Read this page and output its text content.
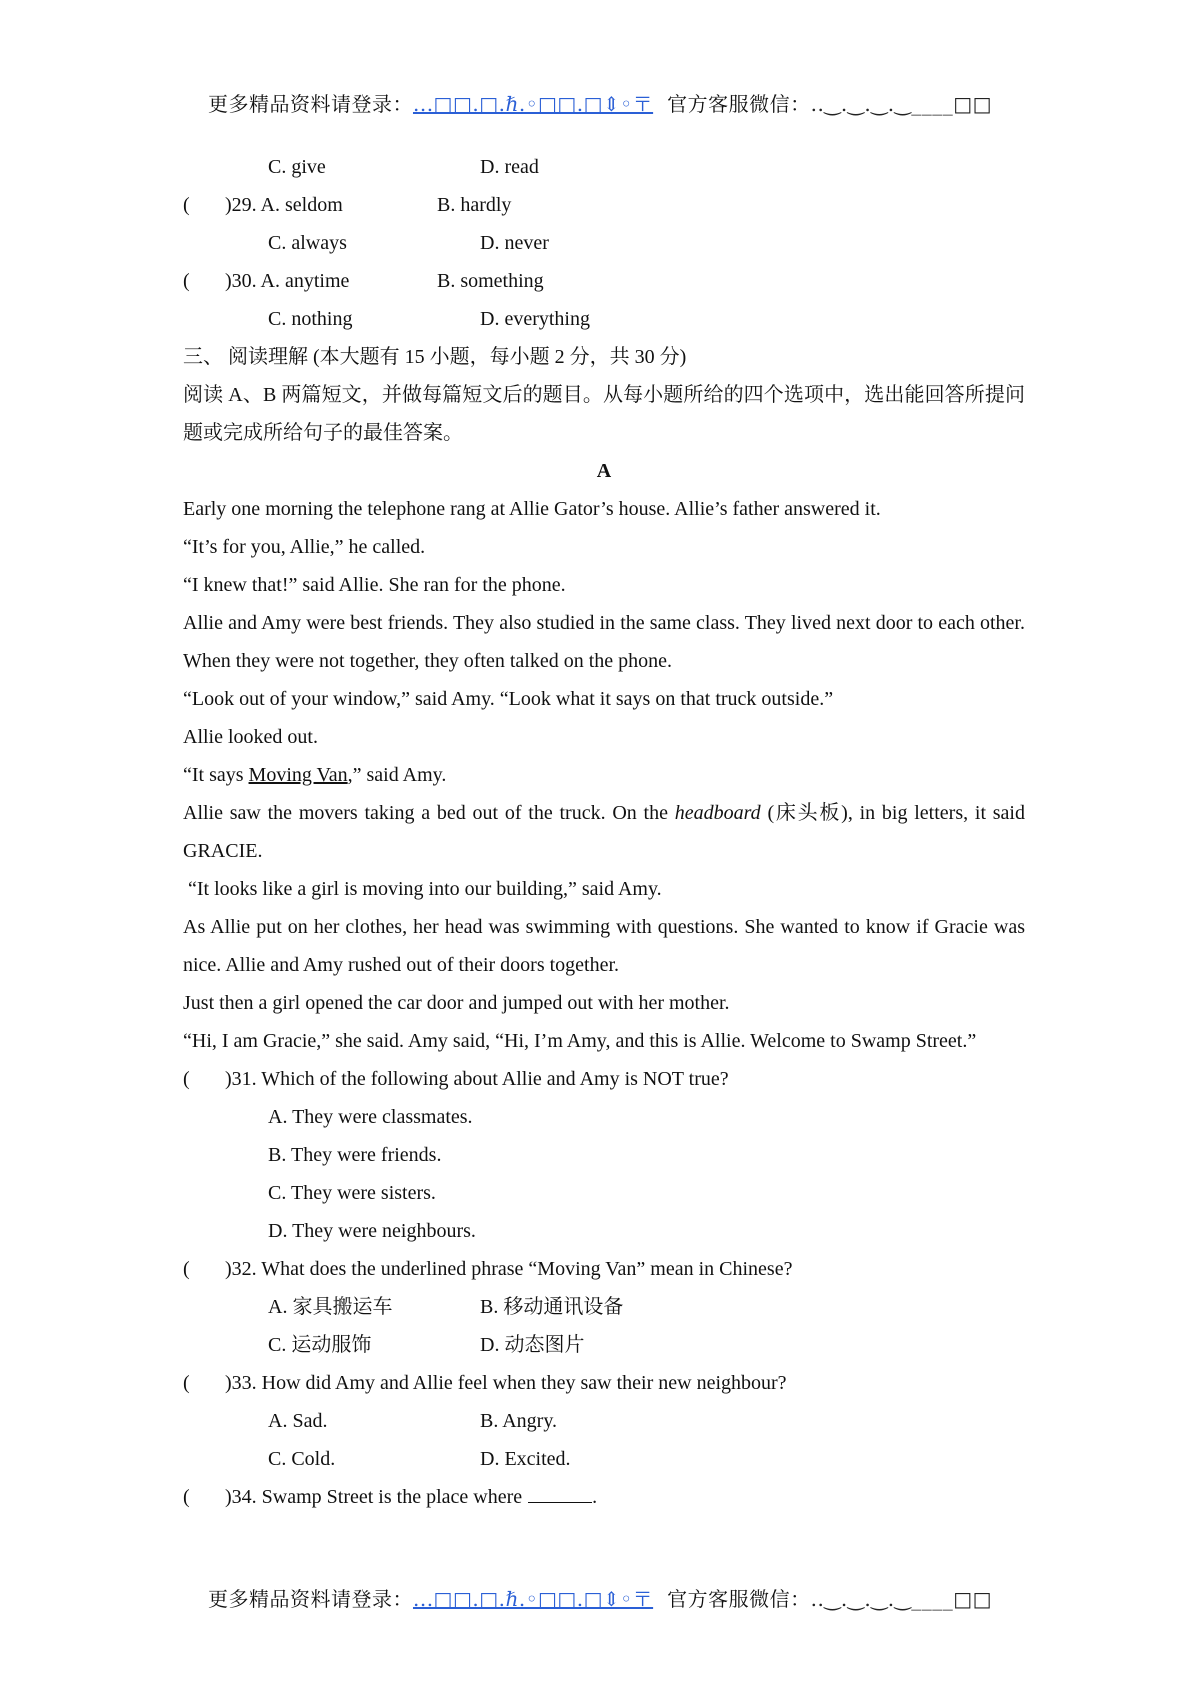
更多精品资料请登录：...□□.□.ℏ.◦□□.□⇕◦〒 官方客服微信：..‿.‿.‿.‿____□□
C. give	D. read
( )29. A. seldom	B. hardly
C. always	D. never
( )30. A. anytime	B. something
C. nothing	D. everything
三、 阅读理解 (本大题有 15 小题，每小题 2 分，共 30 分)
阅读 A、B 两篇短文，并做每篇短文后的题目。从每小题所给的四个选项中，选出能回答所提问题或完成所给句子的最佳答案。
A
Early one morning the telephone rang at Allie Gator’s house. Allie’s father answered it.
“It’s for you, Allie,” he called.
“I knew that!” said Allie. She ran for the phone.
Allie and Amy were best friends. They also studied in the same class. They lived next door to each other. When they were not together, they often talked on the phone.
“Look out of your window,” said Amy. “Look what it says on that truck outside.”
Allie looked out.
“It says Moving Van,” said Amy.
Allie saw the movers taking a bed out of the truck. On the headboard (床头板), in big letters, it said GRACIE.
“It looks like a girl is moving into our building,” said Amy.
As Allie put on her clothes, her head was swimming with questions. She wanted to know if Gracie was nice. Allie and Amy rushed out of their doors together.
Just then a girl opened the car door and jumped out with her mother.
“Hi, I am Gracie,” she said. Amy said, “Hi, I’m Amy, and this is Allie. Welcome to Swamp Street.”
( )31. Which of the following about Allie and Amy is NOT true?
A. They were classmates.
B. They were friends.
C. They were sisters.
D. They were neighbours.
( )32. What does the underlined phrase “Moving Van” mean in Chinese?
A. 家具搬运车	B. 移动通讯设备
C. 运动服饰	D. 动态图片
( )33. How did Amy and Allie feel when they saw their new neighbour?
A. Sad.	B. Angry.
C. Cold.	D. Excited.
( )34. Swamp Street is the place where	.
更多精品资料请登录：...□□.□.ℏ.◦□□.□⇕◦〒 官方客服微信：..‿.‿.‿.‿____□□
